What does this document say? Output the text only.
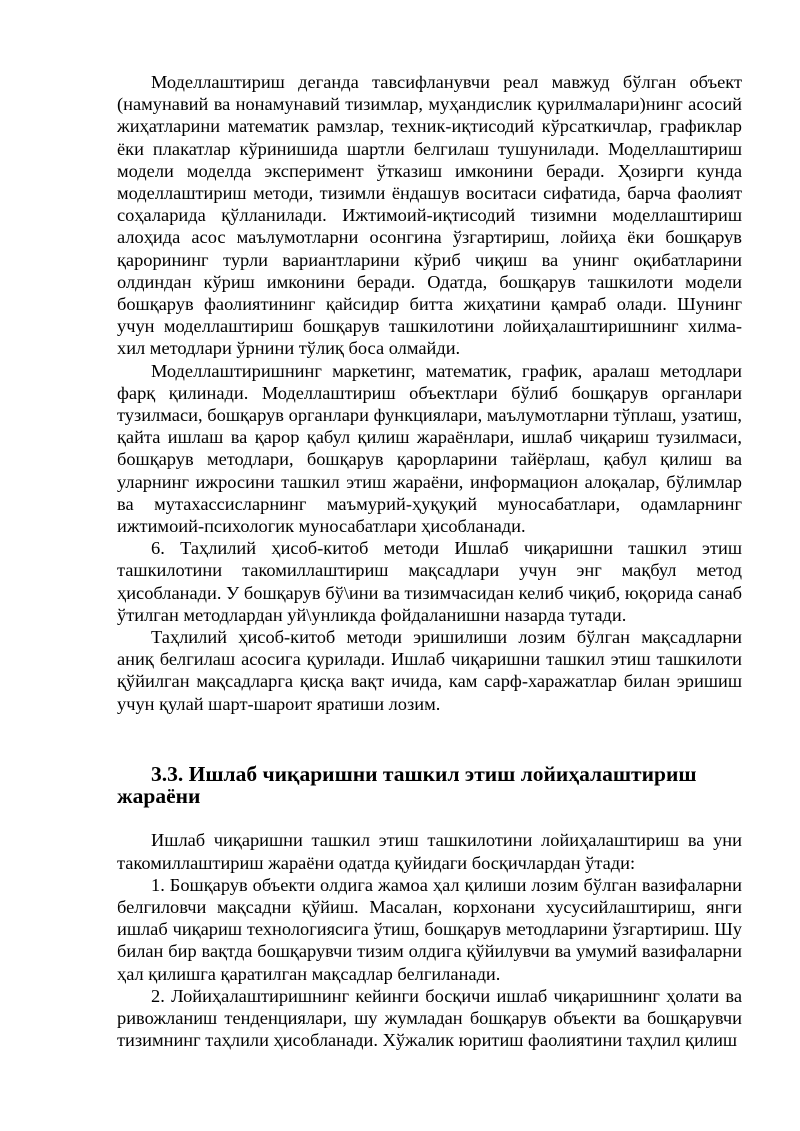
Моделлаштириш деганда тавсифланувчи реал мавжуд бўлган объект (намунавий ва нонамунавий тизимлар, муҳандислик қурилмалари)нинг асосий жиҳатларини математик рамзлар, техник-иқтисодий кўрсаткичлар, графиклар ёки плакатлар кўринишида шартли белгилаш тушунилади. Моделлаштириш модели моделда эксперимент ўтказиш имконини беради. Ҳозирги кунда моделлаштириш методи, тизимли ёндашув воситаси сифатида, барча фаолият соҳаларида қўлланилади. Ижтимоий-иқтисодий тизимни моделлаштириш алоҳида асос маълумотларни осонгина ўзгартириш, лойиҳа ёки бошқарув қарорининг турли вариантларини кўриб чиқиш ва унинг оқибатларини олдиндан кўриш имконини беради. Одатда, бошқарув ташкилоти модели бошқарув фаолиятининг қайсидир битта жиҳатини қамраб олади. Шунинг учун моделлаштириш бошқарув ташкилотини лойиҳалаштиришнинг хилма-хил методлари ўрнини тўлиқ боса олмайди.

Моделлаштиришнинг маркетинг, математик, график, аралаш методлари фарқ қилинади. Моделлаштириш объектлари бўлиб бошқарув органлари тузилмаси, бошқарув органлари функциялари, маълумотларни тўплаш, узатиш, қайта ишлаш ва қарор қабул қилиш жараёнлари, ишлаб чиқариш тузилмаси, бошқарув методлари, бошқарув қарорларини тайёрлаш, қабул қилиш ва уларнинг ижросини ташкил этиш жараёни, информацион алоқалар, бўлимлар ва мутахассисларнинг маъмурий-ҳуқуқий муносабатлари, одамларнинг ижтимоий-психологик муносабатлари ҳисобланади.

6. Таҳлилий ҳисоб-китоб методи Ишлаб чиқаришни ташкил этиш ташкилотини такомиллаштириш мақсадлари учун энг мақбул метод ҳисобланади. У бошқарув бў\ини ва тизимчасидан келиб чиқиб, юқорида санаб ўтилган методлардан уй\унликда фойдаланишни назарда тутади.

Таҳлилий ҳисоб-китоб методи эришилиши лозим бўлган мақсадларни аниқ белгилаш асосига қурилади. Ишлаб чиқаришни ташкил этиш ташкилоти қўйилган мақсадларга қисқа вақт ичида, кам сарф-харажатлар билан эришиш учун қулай шарт-шароит яратиши лозим.

3.3. Ишлаб чиқаришни ташкил этиш лойиҳалаштириш жараёни

Ишлаб чиқаришни ташкил этиш ташкилотини лойиҳалаштириш ва уни такомиллаштириш жараёни одатда қуйидаги босқичлардан ўтади:

1. Бошқарув объекти олдига жамоа ҳал қилиши лозим бўлган вазифаларни белгиловчи мақсадни қўйиш. Масалан, корхонани хусусийлаштириш, янги ишлаб чиқариш технологиясига ўтиш, бошқарув методларини ўзгартириш. Шу билан бир вақтда бошқарувчи тизим олдига қўйилувчи ва умумий вазифаларни ҳал қилишга қаратилган мақсадлар белгиланади.

2. Лойиҳалаштиришнинг кейинги босқичи ишлаб чиқаришнинг ҳолати ва ривожланиш тенденциялари, шу жумладан бошқарув объекти ва бошқарувчи тизимнинг таҳлили ҳисобланади. Хўжалик юритиш фаолиятини таҳлил қилиш
